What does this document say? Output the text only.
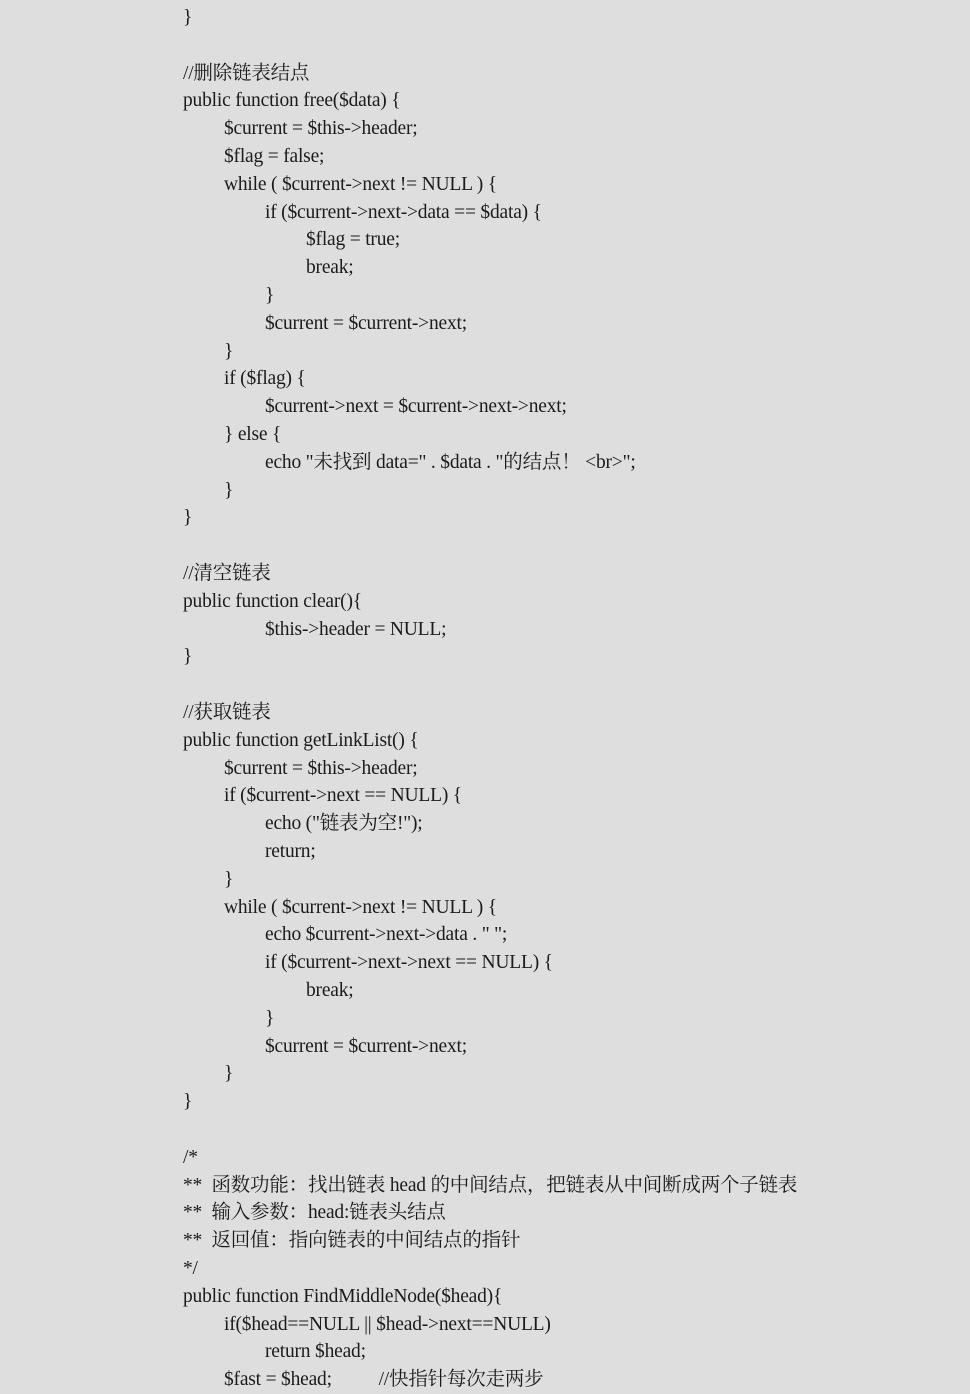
}
//删除链表结点
public function free($data) {
$current = $this->header;
$flag = false;
while ( $current->next != NULL ) {
if ($current->next->data == $data) {
$flag = true;
break;
}
$current = $current->next;
}
if ($flag) {
$current->next = $current->next->next;
} else {
echo "未找到 data=" . $data . "的结点！ <br>";
}
}
//清空链表
public function clear(){
$this->header = NULL;
}
//获取链表
public function getLinkList() {
$current = $this->header;
if ($current->next == NULL) {
echo ("链表为空!");
return;
}
while ( $current->next != NULL ) {
echo $current->next->data . " ";
if ($current->next->next == NULL) {
break;
}
$current = $current->next;
}
}
/*
**  函数功能：找出链表 head 的中间结点，把链表从中间断成两个子链表
**  输入参数：head:链表头结点
**  返回值：指向链表的中间结点的指针
*/
public function FindMiddleNode($head){
if($head==NULL || $head->next==NULL)
return $head;
$fast = $head;          //快指针每次走两步
